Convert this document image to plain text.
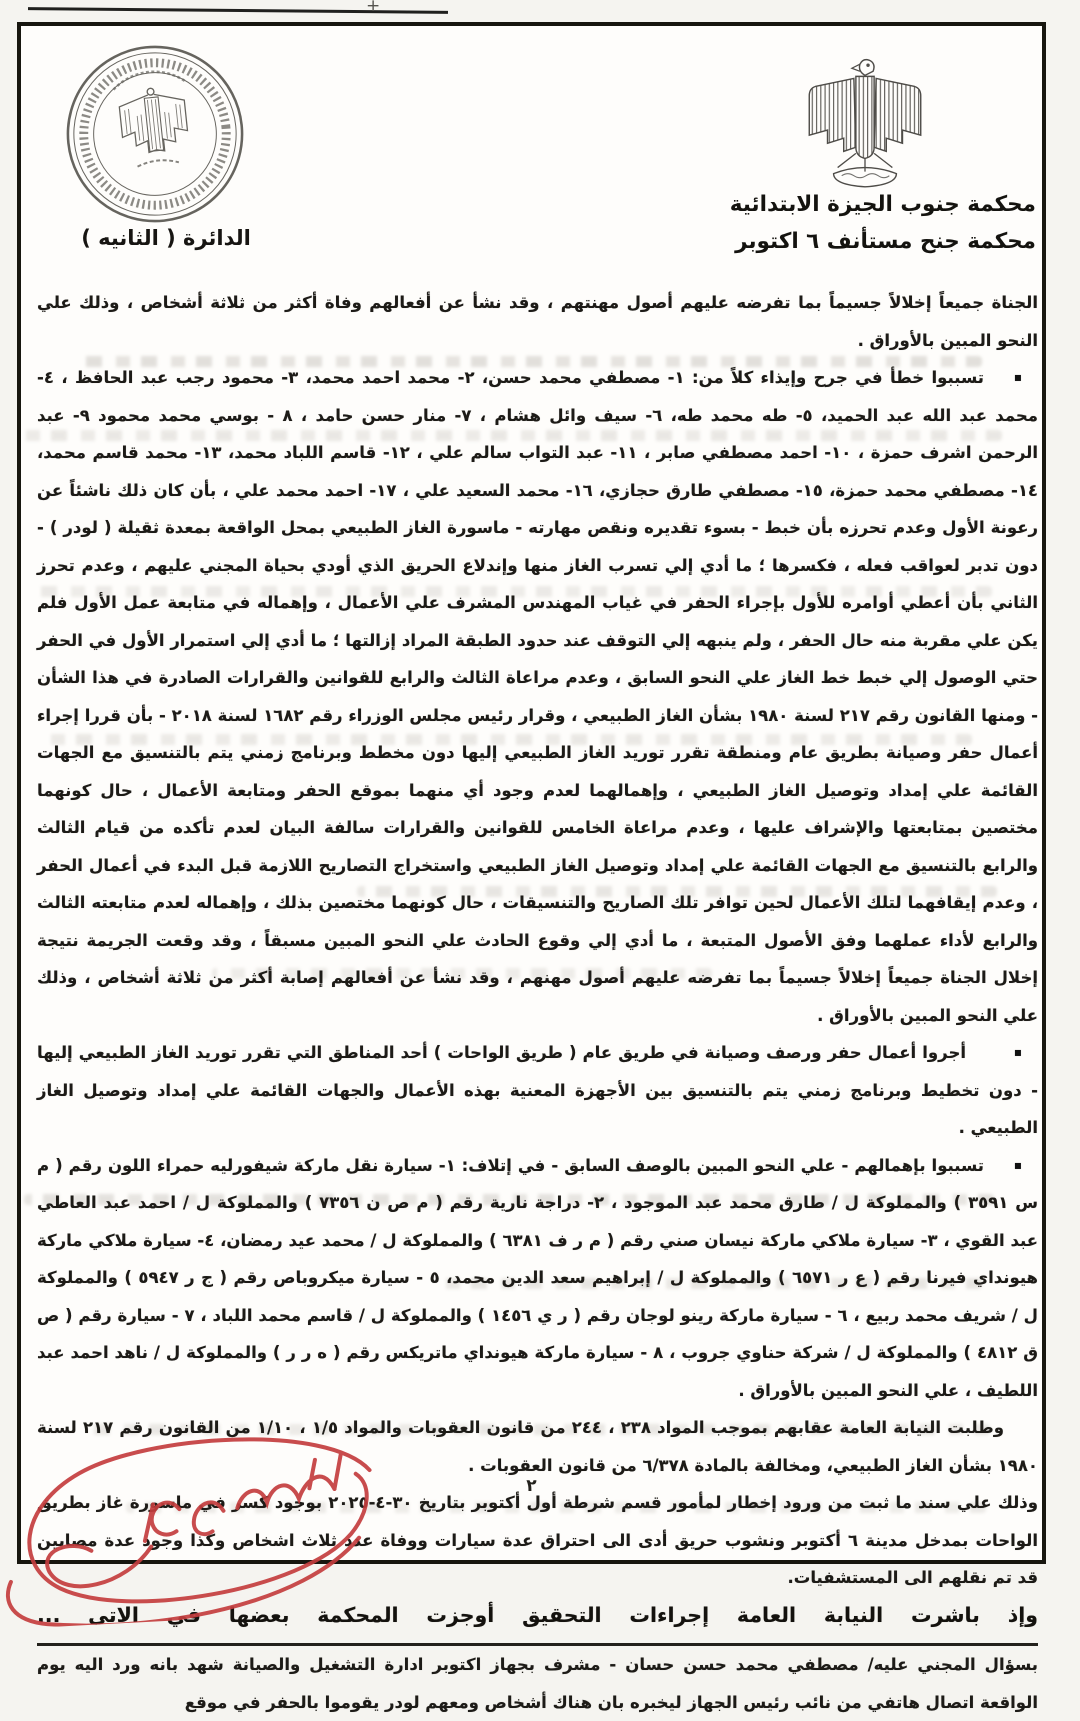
+
الدائرة ( الثانيه )
محكمة جنوب الجيزة الابتدائية
محكمة جنح مستأنف ٦ اكتوبر

الجناة جميعاً إخلالاً جسيماً بما تفرضه عليهم أصول مهنتهم ، وقد نشأ عن أفعالهم وفاة أكثر من ثلاثة أشخاص ، وذلك علي النحو المبين بالأوراق .

▪
تسببوا خطأ في جرح وإيذاء كلاً من: ١- مصطفي محمد حسن، ٢- محمد احمد محمد، ٣- محمود رجب عبد الحافظ ، ٤- محمد عبد الله عبد الحميد، ٥- طه محمد طه، ٦- سيف وائل هشام ، ٧- منار حسن حامد ، ٨ - بوسي محمد محمود ٩- عبد الرحمن اشرف حمزة ، ١٠- احمد مصطفي صابر ، ١١- عبد التواب سالم علي ، ١٢- قاسم اللباد محمد، ١٣- محمد قاسم محمد، ١٤- مصطفي محمد حمزة، ١٥- مصطفي طارق حجازي، ١٦- محمد السعيد علي ، ١٧- احمد محمد علي ، بأن كان ذلك ناشئاً عن رعونة الأول وعدم تحرزه بأن خبط - بسوء تقديره ونقص مهارته - ماسورة الغاز الطبيعي بمحل الواقعة بمعدة ثقيلة ( لودر ) - دون تدبر لعواقب فعله ، فكسرها ؛ ما أدي إلي تسرب الغاز منها وإندلاع الحريق الذي أودي بحياة المجني عليهم ، وعدم تحرز الثاني بأن أعطي أوامره للأول بإجراء الحفر في غياب المهندس المشرف علي الأعمال ، وإهماله في متابعة عمل الأول فلم يكن علي مقربة منه حال الحفر ، ولم ينبهه إلي التوقف عند حدود الطبقة المراد إزالتها ؛ ما أدي إلي استمرار الأول في الحفر حتي الوصول إلي خبط خط الغاز علي النحو السابق ، وعدم مراعاة الثالث والرابع للقوانين والقرارات الصادرة في هذا الشأن - ومنها القانون رقم ٢١٧ لسنة ١٩٨٠ بشأن الغاز الطبيعي ، وقرار رئيس مجلس الوزراء رقم ١٦٨٢ لسنة ٢٠١٨ - بأن قررا إجراء أعمال حفر وصيانة بطريق عام ومنطقة تقرر توريد الغاز الطبيعي إليها دون مخطط وبرنامج زمني يتم بالتنسيق مع الجهات القائمة علي إمداد وتوصيل الغاز الطبيعي ، وإهمالهما لعدم وجود أي منهما بموقع الحفر ومتابعة الأعمال ، حال كونهما مختصين بمتابعتها والإشراف عليها ، وعدم مراعاة الخامس للقوانين والقرارات سالفة البيان لعدم تأكده من قيام الثالث والرابع بالتنسيق مع الجهات القائمة علي إمداد وتوصيل الغاز الطبيعي واستخراج التصاريح اللازمة قبل البدء في أعمال الحفر ، وعدم إيقافهما لتلك الأعمال لحين توافر تلك الصاريح والتنسيقات ، حال كونهما مختصين بذلك ، وإهماله لعدم متابعته الثالث والرابع لأداء عملهما وفق الأصول المتبعة ، ما أدي إلي وقوع الحادث علي النحو المبين مسبقاً ، وقد وقعت الجريمة نتيجة إخلال الجناة جميعاً إخلالاً جسيماً بما تفرضه عليهم أصول مهنهم ، وقد نشأ عن أفعالهم إصابة أكثر من ثلاثة أشخاص ، وذلك علي النحو المبين بالأوراق .

▪
أجروا أعمال حفر ورصف وصيانة في طريق عام ( طريق الواحات ) أحد المناطق التي تقرر توريد الغاز الطبيعي إليها - دون تخطيط وبرنامج زمني يتم بالتنسيق بين الأجهزة المعنية بهذه الأعمال والجهات القائمة علي إمداد وتوصيل الغاز الطبيعي .

▪
تسببوا بإهمالهم - علي النحو المبين بالوصف السابق - في إتلاف: ١- سيارة نقل ماركة شيفورليه حمراء اللون رقم ( م س ٣٥٩١ ) والمملوكة ل / طارق محمد عبد الموجود ، ٢- دراجة نارية رقم ( م ص ن ٧٣٥٦ ) والمملوكة ل / احمد عبد العاطي عبد القوي ، ٣- سيارة ملاكي ماركة نيسان صني رقم ( م ر ف ٦٣٨١ ) والمملوكة ل / محمد عيد رمضان، ٤- سيارة ملاكي ماركة هيونداي فيرنا رقم ( ع ر ٦٥٧١ ) والمملوكة ل / إبراهيم سعد الدين محمد، ٥ - سيارة ميكروباص رقم ( ج ر ٥٩٤٧ ) والمملوكة ل / شريف محمد ربيع ، ٦ - سيارة ماركة رينو لوجان رقم ( ر ي ١٤٥٦ ) والمملوكة ل / قاسم محمد اللباد ، ٧ - سيارة رقم ( ص ق ٤٨١٢ ) والمملوكة ل / شركة حناوي جروب ، ٨ - سيارة ماركة هيونداي ماتريكس رقم ( ه ر ر ) والمملوكة ل / ناهد احمد عبد اللطيف ، علي النحو المبين بالأوراق .

وطلبت النيابة العامة عقابهم بموجب المواد ٢٣٨ ، ٢٤٤ من قانون العقوبات والمواد ١/٥ ، ١/١٠ من القانون رقم ٢١٧ لسنة ١٩٨٠ بشأن الغاز الطبيعي، ومخالفة بالمادة ٦/٣٧٨ من قانون العقوبات .

وذلك علي سند ما ثبت من ورود إخطار لمأمور قسم شرطة أول أكتوبر بتاريخ ٣٠-٤-٢٠٢٥ بوجود كسر في ماسورة غاز بطريق الواحات بمدخل مدينة ٦ أكتوبر ونشوب حريق أدى الى احتراق عدة سيارات ووفاة عدد ثلاث اشخاص وكذا وجود عدة مصابين قد تم نقلهم الى المستشفيات.

وإذ باشرت النيابة العامة إجراءات التحقيق أوجزت المحكمة بعضها في الاتى ...

بسؤال المجني عليه/ مصطفي محمد حسن حسان - مشرف بجهاز اكتوبر ادارة التشغيل والصيانة شهد بانه ورد اليه يوم الواقعة اتصال هاتفي من نائب رئيس الجهاز ليخبره بان هناك أشخاص ومعهم لودر يقوموا بالحفر في موقع

٢
